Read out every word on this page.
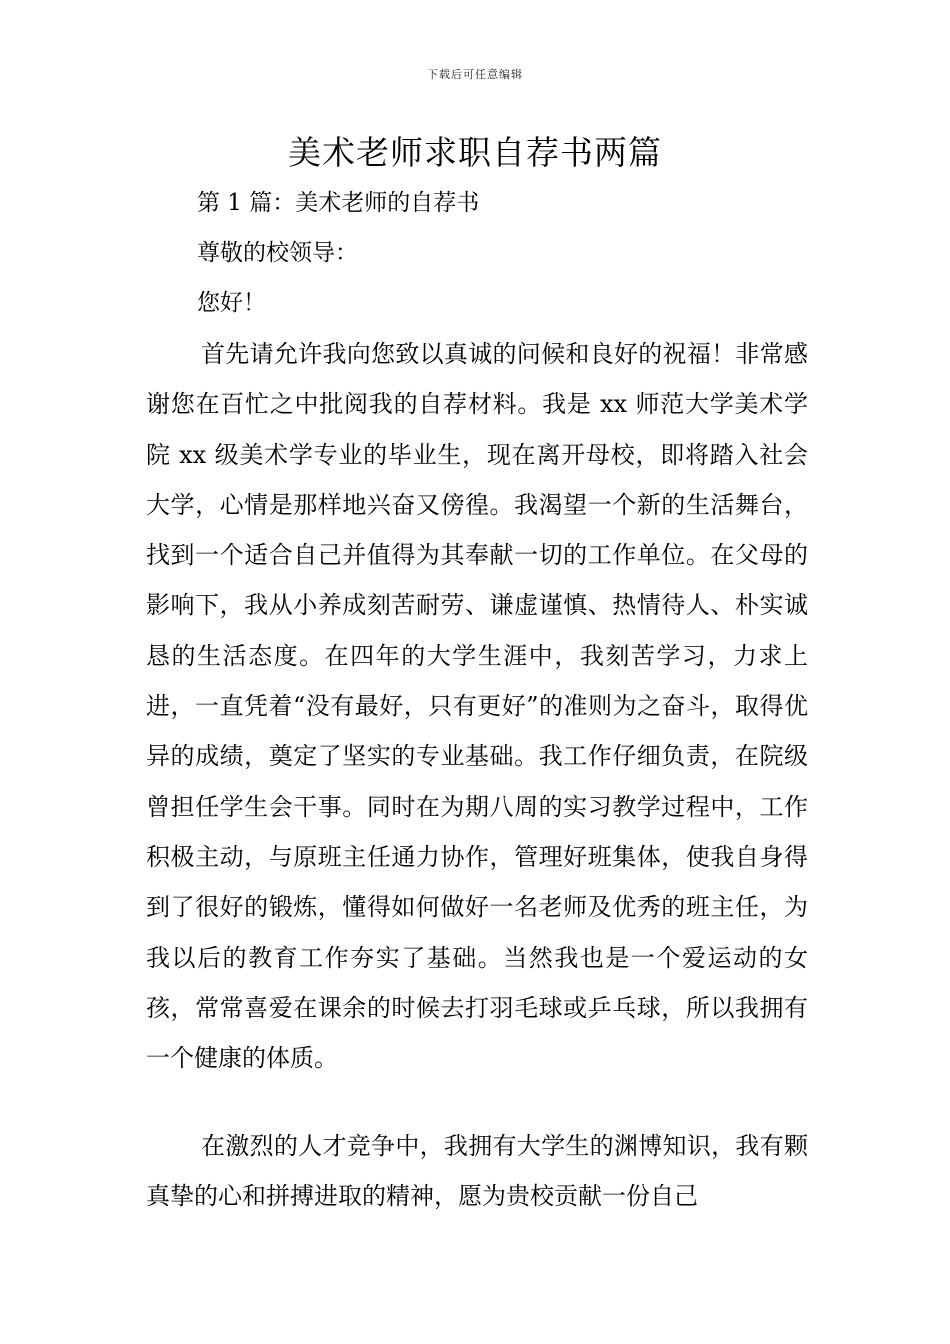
下载后可任意编辑
美术老师求职自荐书两篇
第 1 篇：美术老师的自荐书
尊敬的校领导：
您好！

首先请允许我向您致以真诚的问候和良好的祝福！非常感谢您在百忙之中批阅我的自荐材料。我是 xx 师范大学美术学院 xx 级美术学专业的毕业生，现在离开母校，即将踏入社会大学，心情是那样地兴奋又傍徨。我渴望一个新的生活舞台，找到一个适合自己并值得为其奉献一切的工作单位。在父母的影响下，我从小养成刻苦耐劳、谦虚谨慎、热情待人、朴实诚恳的生活态度。在四年的大学生涯中，我刻苦学习，力求上进，一直凭着“没有最好，只有更好”的准则为之奋斗，取得优异的成绩，奠定了坚实的专业基础。我工作仔细负责，在院级曾担任学生会干事。同时在为期八周的实习教学过程中，工作积极主动，与原班主任通力协作，管理好班集体，使我自身得到了很好的锻炼，懂得如何做好一名老师及优秀的班主任，为我以后的教育工作夯实了基础。当然我也是一个爱运动的女孩，常常喜爱在课余的时候去打羽毛球或乒乓球，所以我拥有一个健康的体质。

在激烈的人才竞争中，我拥有大学生的渊博知识，我有颗真挚的心和拼搏进取的精神，愿为贵校贡献一份自己
